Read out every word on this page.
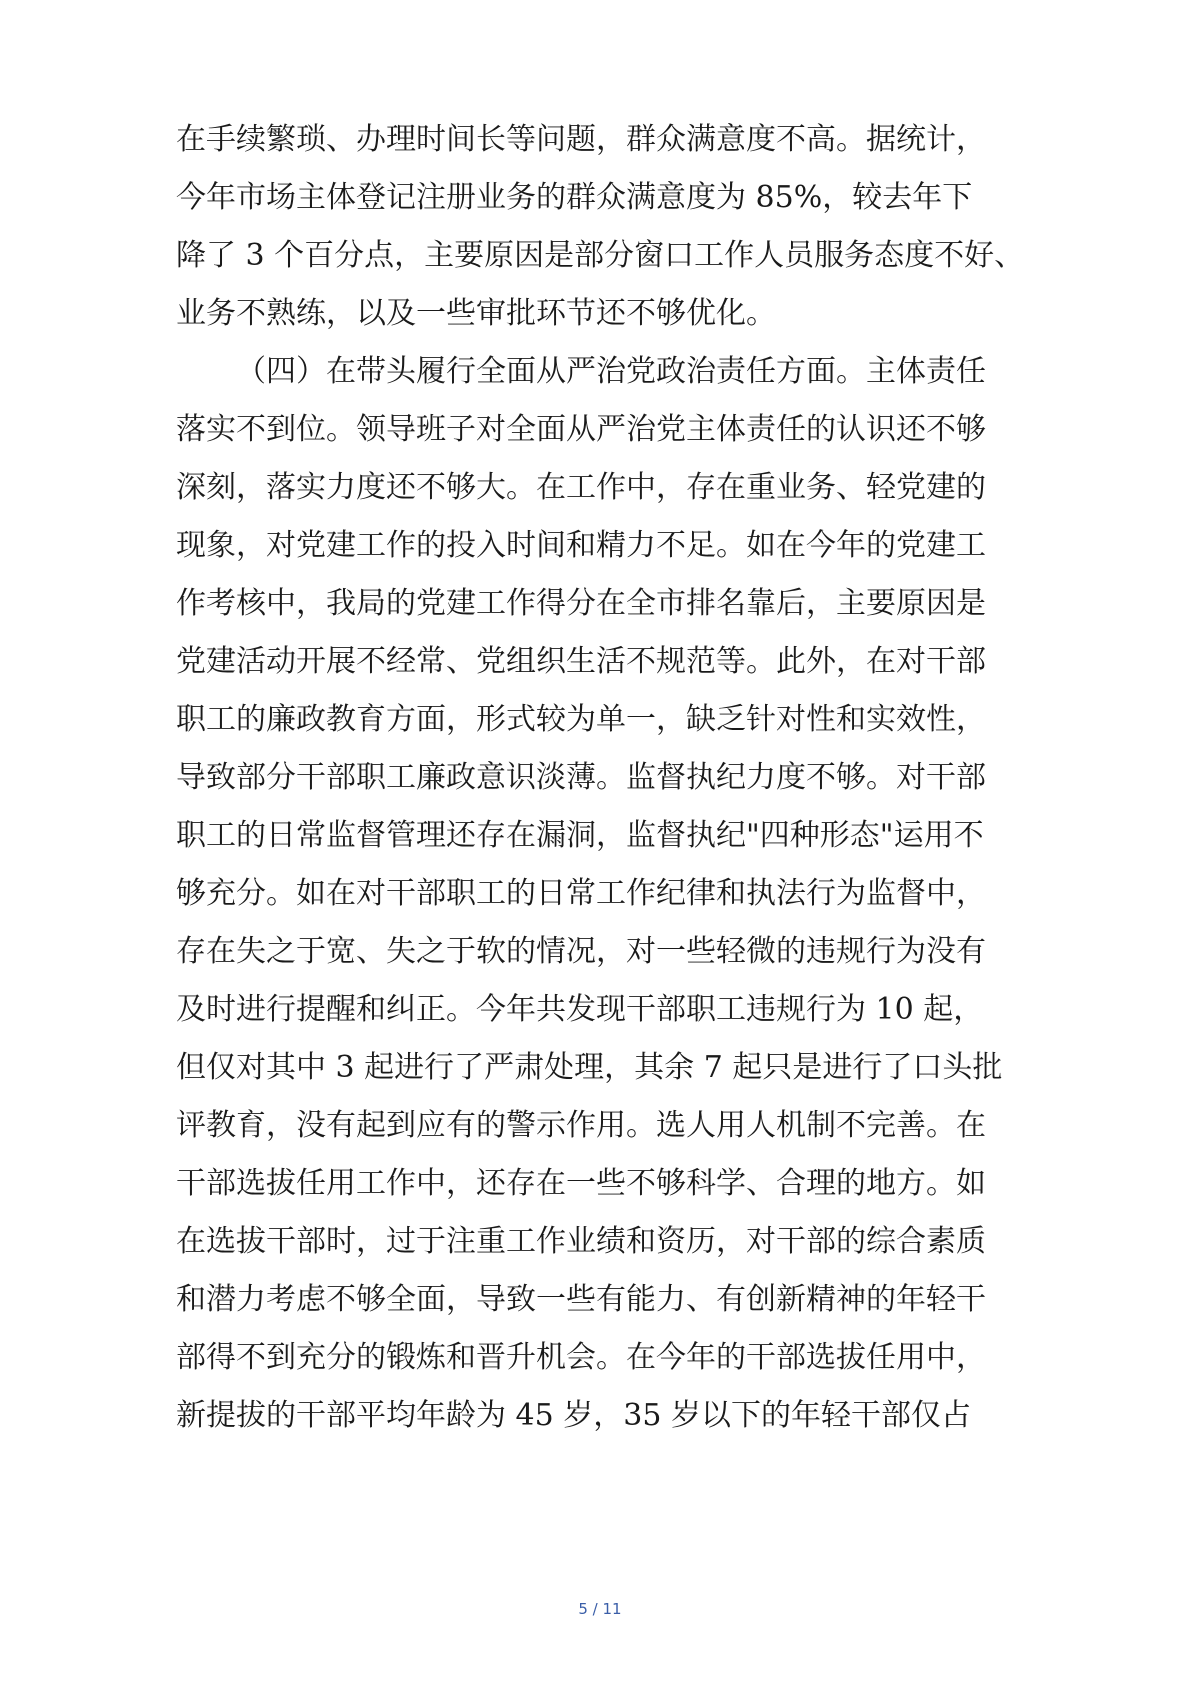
在手续繁琐、办理时间长等问题，群众满意度不高。据统计，
今年市场主体登记注册业务的群众满意度为 85%，较去年下
降了 3 个百分点，主要原因是部分窗口工作人员服务态度不好、
业务不熟练，以及一些审批环节还不够优化。
（四）在带头履行全面从严治党政治责任方面。主体责任
落实不到位。领导班子对全面从严治党主体责任的认识还不够
深刻，落实力度还不够大。在工作中，存在重业务、轻党建的
现象，对党建工作的投入时间和精力不足。如在今年的党建工
作考核中，我局的党建工作得分在全市排名靠后，主要原因是
党建活动开展不经常、党组织生活不规范等。此外，在对干部
职工的廉政教育方面，形式较为单一，缺乏针对性和实效性，
导致部分干部职工廉政意识淡薄。监督执纪力度不够。对干部
职工的日常监督管理还存在漏洞，监督执纪"四种形态"运用不
够充分。如在对干部职工的日常工作纪律和执法行为监督中，
存在失之于宽、失之于软的情况，对一些轻微的违规行为没有
及时进行提醒和纠正。今年共发现干部职工违规行为 10 起，
但仅对其中 3 起进行了严肃处理，其余 7 起只是进行了口头批
评教育，没有起到应有的警示作用。选人用人机制不完善。在
干部选拔任用工作中，还存在一些不够科学、合理的地方。如
在选拔干部时，过于注重工作业绩和资历，对干部的综合素质
和潜力考虑不够全面，导致一些有能力、有创新精神的年轻干
部得不到充分的锻炼和晋升机会。在今年的干部选拔任用中，
新提拔的干部平均年龄为 45 岁，35 岁以下的年轻干部仅占
5 / 11
